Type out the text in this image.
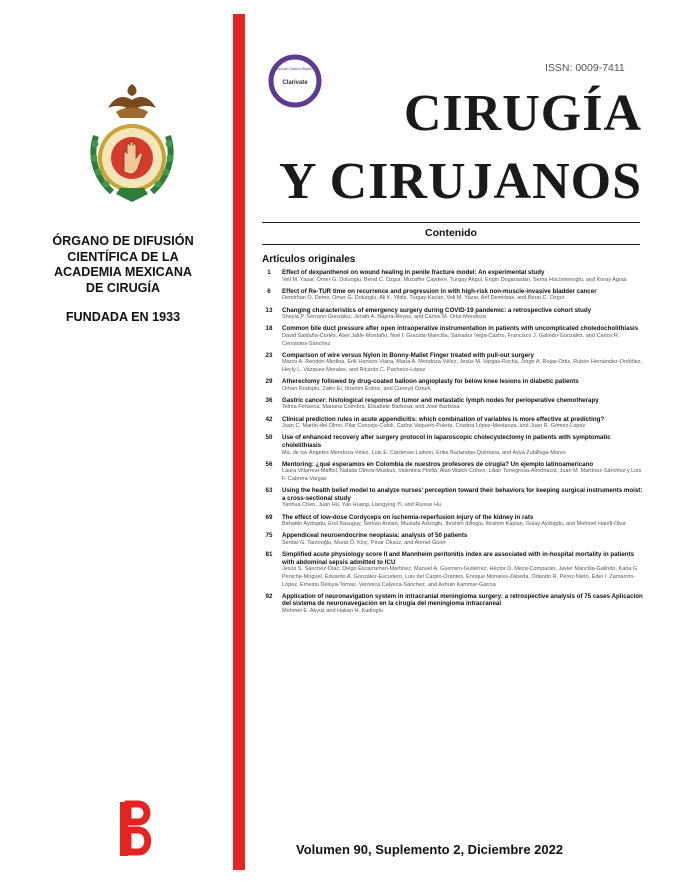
ÓRGANO DE DIFUSIÓN
CIENTÍFICA DE LA
ACADEMIA MEXICANA
DE CIRUGÍA
FUNDADA EN 1933
Journal Citation Reports
Clarivate
ISSN: 0009-7411
CIRUGÍA
Y CIRUJANOS
Contenido
Artículos originales
1	Effect of dexpanthenol on wound healing in penile fracture model: An experimental study
Veli M. Yazar, Omer G. Doluoglu, Berat C. Ozgur, Muzaffer Çaydere, Turgay Akgul, Engin Doganaslan, Sema Hücümenoglu, and Koray Agras
6	Effect of Re-TUR time on recurrence and progression in with high-risk non-muscle-invasive bladder cancer
Demirhan O. Demir, Omer G. Doluoglu, Ali K. Yildiz, Turgay Kacan, Veli M. Yazar, Arif Demirbas, and Berat C. Ozgur
13	Changing characteristics of emergency surgery during COVID-19 pandemic: a retrospective cohort study
Sheyla P. Serrano-González, Jerath A. Nájera-Reyes, and Carlos M. Ortiz-Mendoza
18	Common bile duct pressure after open intraoperative instrumentation in patients with uncomplicated choledocholithiasis
David Saldaña-Cortés, Abel Jalife-Montaño, Noé I. Gracida-Mancilla, Salvador Vega-Castro, Francisco J. Galindo-González, and Carlos R. Cervantes-Sánchez
23	Comparison of wire versus Nylon in Bonny-Mallet Finger treated with pull-out surgery
Marco A. Rendón-Medina, Erik Hanson-Viana, María A. Mendoza-Vélez, Jesús M. Vargas-Rocha, Jorge A. Rojas-Ortiz, Rubén Hernández-Ordóñez, Hecly L. Vazquez-Morales, and Ricardo C. Pacheco-López
29	Atherectomy followed by drug-coated balloon angioplasty for below knee lesions in diabetic patients
Orhan Rodoplu, Zafer Er, Ibrahim Erdinc, and Cuneyd Ozturk
36	Gastric cancer: histological response of tumor and metastatic lymph nodes for perioperative chemotherapy
Telma Fonseca, Mariana Coimbra, Elisabete Barbosa, and José Barbosa
42	Clinical prediction rules in acute appendicitis: which combination of variables is more effective at predicting?
Juan C. Martín-del Olmo, Pilar Concejo-Cutoli, Carlos Vaquero-Puerta, Cristina López-Mestanza, and Juan R. Gómez-López
50	Use of enhanced recovery after surgery protocol in laparoscopic cholecystectomy in patients with symptomatic cholelithiasis
Ma. de los Ángeles Mendoza-Vélez, Luis E. Cárdenas-Lailson, Erika Barlandas-Quintana, and Asya Zubillaga-Mares
56	Mentoring: ¿qué esperamos en Colombia de nuestros profesores de cirugía? Un ejemplo latinoamericano
Laura Villarreal-Maffiol, Natalia Olmos-Muskus, Valentina Pinilla, Alan Walch-Cohen, Lilian Torregrosa-Almonacid, Juan M. Martínez-Sánchez y Luis F. Cabrera-Vargas
63	Using the health belief model to analyze nurses' perception toward their behaviors for keeping surgical instruments moist: a cross-sectional study
Yanhua Chen, Juan Hu, Yan Huang, Liangying Yi, and Ruixue Hu
69	The effect of low-dose Cordyceps on ischemia-reperfusion injury of the kidney in rats
Bahattin Aydogdu, Erol Basuguy, Serkan Arslan, Mustafa Azizoglu, Ibrahim Ibiloglu, Ibrahim Kaplan, Gulay Aydogdu, and Mehmet Hanifi-Okur
75	Appendiceal neuroendocrine neoplasia: analysis of 50 patients
Serdar G. Tarzooğlu, Murat Ö. Kılıç, Pınar Öksüz, and Ahmet Gürer
81	Simplified acute physiology score II and Mannheim peritonitis index are associated with in-hospital mortality in patients with abdominal sepsis admitted to ICU
Jesús S. Sánchez-Díaz, Diego Escarraman-Martínez, Manuel A. Guerrero-Gutiérrez, Héctor D. Meza-Comparán, Javier Mancilla-Galindo, Karla G. Peniche-Moguel, Eduardo A. González-Escudero, Luis del Carpio-Orantes, Enrique Monares-Zepeda, Orlando R. Pérez-Nieto, Eder I. Zamarrón-López, Ernesto Deloya-Tomas, Verónica Calyeca-Sánchez, and Ashuin Kammar-García
92	Application of neuronavigation system in intracranial meningioma surgery: a retrospective analysis of 75 cases Aplicación del sistema de neuronavegación en la cirugía del meningioma intracraneal
Mehmet E. Akyuz and Hakan H. Kadioglu
Volumen 90, Suplemento 2, Diciembre 2022
